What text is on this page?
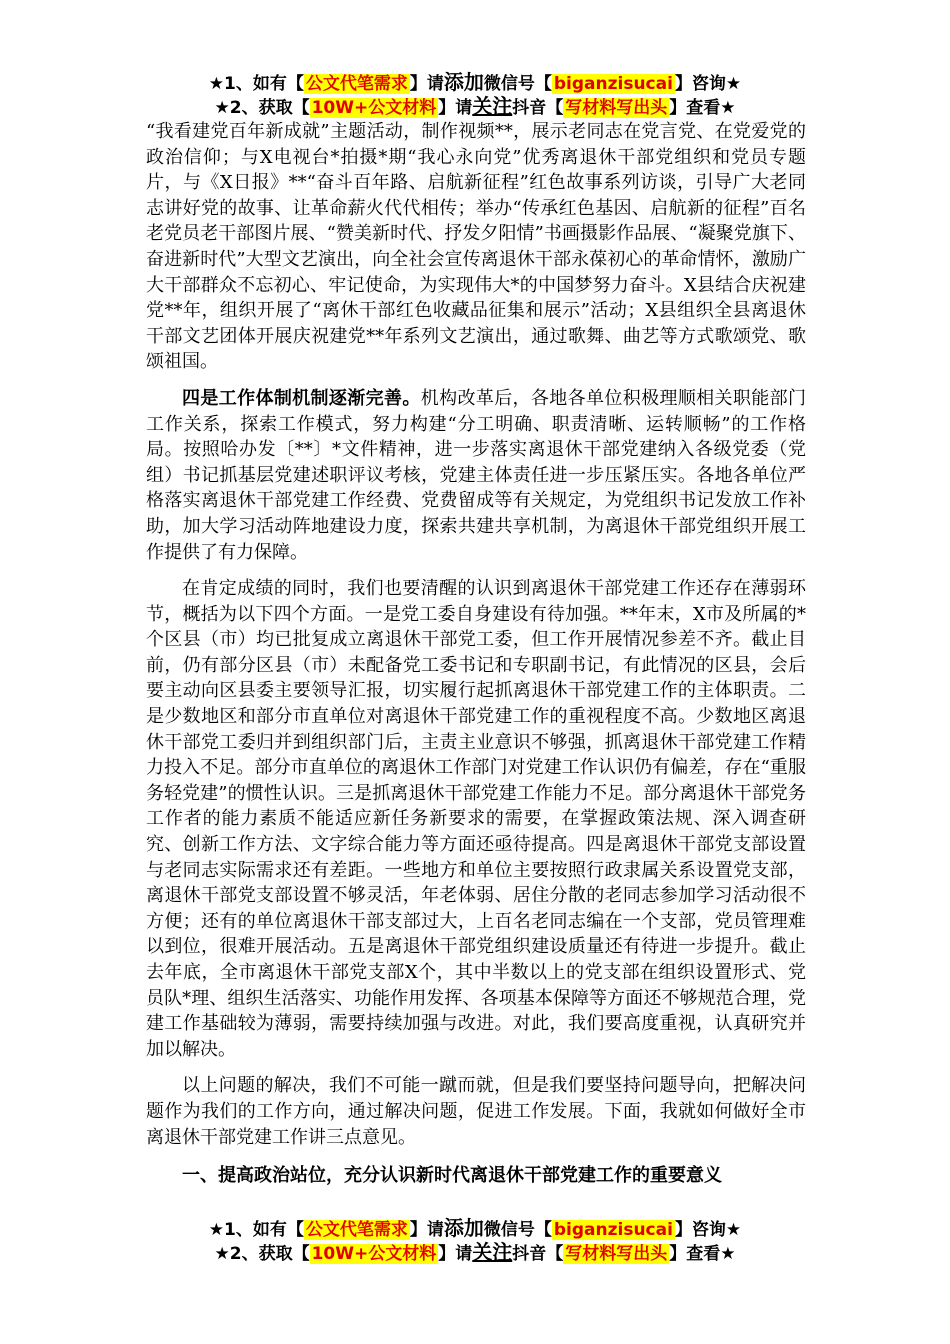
★1、如有【 公文代笔需求 】请添加微信号【 biganzisucai 】咨询★
★2、获取【 10W+公文材料 】请关注抖音【 写材料写出头 】查看★

“我看建党百年新成就”主题活动，制作视频**，展示老同志在党言党、在党爱党的政治信仰；与X电视台*拍摄*期“我心永向党”优秀离退休干部党组织和党员专题片，与《X日报》**“奋斗百年路、启航新征程”红色故事系列访谈，引导广大老同志讲好党的故事、让革命薪火代代相传；举办“传承红色基因、启航新的征程”百名老党员老干部图片展、“赞美新时代、抒发夕阳情”书画摄影作品展、“凝聚党旗下、奋进新时代”大型文艺演出，向全社会宣传离退休干部永葆初心的革命情怀，激励广大干部群众不忘初心、牢记使命，为实现伟大*的中国梦努力奋斗。X县结合庆祝建党**年，组织开展了“离休干部红色收藏品征集和展示”活动；X县组织全县离退休干部文艺团体开展庆祝建党**年系列文艺演出，通过歌舞、曲艺等方式歌颂党、歌颂祖国。

四是工作体制机制逐渐完善。机构改革后，各地各单位积极理顺相关职能部门工作关系，探索工作模式，努力构建“分工明确、职责清晰、运转顺畅”的工作格局。按照哈办发〔**〕*文件精神，进一步落实离退休干部党建纳入各级党委（党组）书记抓基层党建述职评议考核，党建主体责任进一步压紧压实。各地各单位严格落实离退休干部党建工作经费、党费留成等有关规定，为党组织书记发放工作补助，加大学习活动阵地建设力度，探索共建共享机制，为离退休干部党组织开展工作提供了有力保障。

在肯定成绩的同时，我们也要清醒的认识到离退休干部党建工作还存在薄弱环节，概括为以下四个方面。一是党工委自身建设有待加强。**年末，X市及所属的*个区县（市）均已批复成立离退休干部党工委，但工作开展情况参差不齐。截止目前，仍有部分区县（市）未配备党工委书记和专职副书记，有此情况的区县，会后要主动向区县委主要领导汇报，切实履行起抓离退休干部党建工作的主体职责。二是少数地区和部分市直单位对离退休干部党建工作的重视程度不高。少数地区离退休干部党工委归并到组织部门后，主责主业意识不够强，抓离退休干部党建工作精力投入不足。部分市直单位的离退休工作部门对党建工作认识仍有偏差，存在“重服务轻党建”的惯性认识。三是抓离退休干部党建工作能力不足。部分离退休干部党务工作者的能力素质不能适应新任务新要求的需要，在掌握政策法规、深入调查研究、创新工作方法、文字综合能力等方面还亟待提高。四是离退休干部党支部设置与老同志实际需求还有差距。一些地方和单位主要按照行政隶属关系设置党支部，离退休干部党支部设置不够灵活，年老体弱、居住分散的老同志参加学习活动很不方便；还有的单位离退休干部支部过大，上百名老同志编在一个支部，党员管理难以到位，很难开展活动。五是离退休干部党组织建设质量还有待进一步提升。截止去年底，全市离退休干部党支部X个，其中半数以上的党支部在组织设置形式、党员队*理、组织生活落实、功能作用发挥、各项基本保障等方面还不够规范合理，党建工作基础较为薄弱，需要持续加强与改进。对此，我们要高度重视，认真研究并加以解决。

以上问题的解决，我们不可能一蹴而就，但是我们要坚持问题导向，把解决问题作为我们的工作方向，通过解决问题，促进工作发展。下面，我就如何做好全市离退休干部党建工作讲三点意见。

一、提高政治站位，充分认识新时代离退休干部党建工作的重要意义
★1、如有【 公文代笔需求 】请添加微信号【 biganzisucai 】咨询★
★2、获取【 10W+公文材料 】请关注抖音【 写材料写出头 】查看★
